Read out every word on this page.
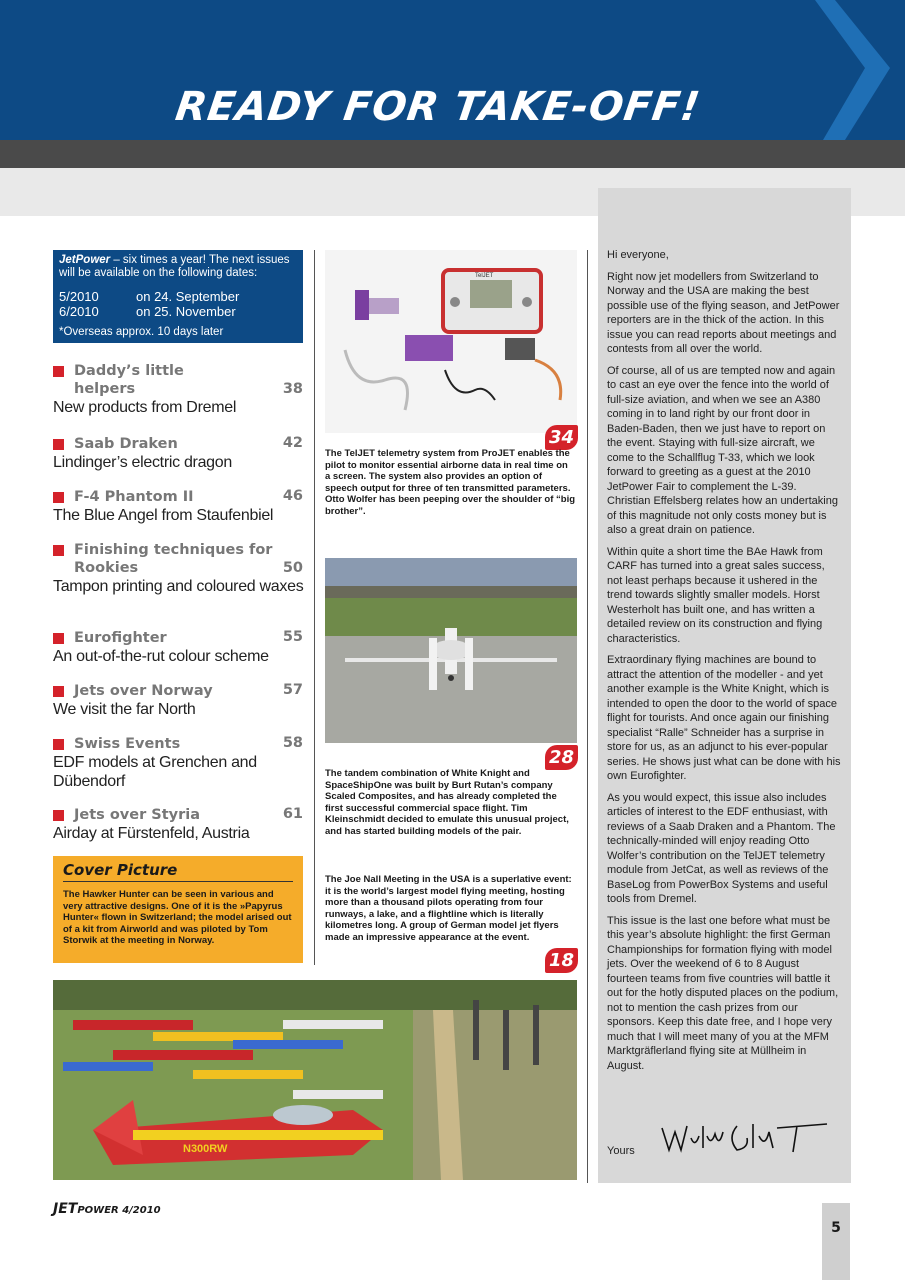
READY FOR TAKE-OFF!
JetPower – six times a year! The next issues will be available on the following dates:
5/2010	on 24. September
6/2010	on 25. November
*Overseas approx. 10 days later
Daddy’s little helpers	38
New products from Dremel
Saab Draken	42
Lindinger’s electric dragon
F-4 Phantom II	46
The Blue Angel from Staufenbiel
Finishing techniques for Rookies	50
Tampon printing and coloured waxes
Eurofighter	55
An out-of-the-rut colour scheme
Jets over Norway	57
We visit the far North
Swiss Events	58
EDF models at Grenchen and Dübendorf
Jets over Styria	61
Airday at Fürstenfeld, Austria
Cover Picture
The Hawker Hunter can be seen in various and very attractive designs. One of it is the »Papyrus Hunter« flown in Switzerland; the model arised out of a kit from Airworld and was piloted by Tom Storwik at the meeting in Norway.
TelJET
34
The TelJET telemetry system from ProJET enables the pilot to monitor essential airborne data in real time on a screen. The system also provides an option of speech output for three of ten transmitted parameters. Otto Wolfer has been peeping over the shoulder of “big brother”.
28
The tandem combination of White Knight and SpaceShipOne was built by Burt Rutan’s company Scaled Composites, and has already completed the first successful commercial space flight. Tim Kleinschmidt decided to emulate this unusual project, and has started building models of the pair.
The Joe Nall Meeting in the USA is a superlative event: it is the world’s largest model flying meeting, hosting more than a thousand pilots operating from four runways, a lake, and a flightline which is literally kilometres long. A group of German model jet flyers made an impressive appearance at the event.
N300RW
18

Hi everyone,

Right now jet modellers from Switzerland to Norway and the USA are making the best possible use of the flying season, and JetPower reporters are in the thick of the action. In this issue you can read reports about meetings and contests from all over the world.

Of course, all of us are tempted now and again to cast an eye over the fence into the world of full-size aviation, and when we see an A380 coming in to land right by our front door in Baden-Baden, then we just have to report on the event. Staying with full-size aircraft, we come to the Schallflug T-33, which we look forward to greeting as a guest at the 2010 JetPower Fair to complement the L-39. Christian Effelsberg relates how an undertaking of this magnitude not only costs money but is also a great drain on patience.

Within quite a short time the BAe Hawk from CARF has turned into a great sales success, not least perhaps because it ushered in the trend towards slightly smaller models. Horst Westerholt has built one, and has written a detailed review on its construction and flying characteristics.

Extraordinary flying machines are bound to attract the attention of the modeller - and yet another example is the White Knight, which is intended to open the door to the world of space flight for tourists. And once again our finishing specialist “Ralle” Schneider has a surprise in store for us, as an adjunct to his ever-popular series. He shows just what can be done with his own Eurofighter.

As you would expect, this issue also includes articles of interest to the EDF enthusiast, with reviews of a Saab Draken and a Phantom. The technically-minded will enjoy reading Otto Wolfer’s contribution on the TelJET telemetry module from JetCat, as well as reviews of the BaseLog from PowerBox Systems and useful tools from Dremel.

This issue is the last one before what must be this year’s absolute highlight: the first German Championships for formation flying with model jets. Over the weekend of 6 to 8 August fourteen teams from five countries will battle it out for the hotly disputed places on the podium, not to mention the cash prizes from our sponsors. Keep this date free, and I hope very much that I will meet many of you at the MFM Marktgräflerland flying site at Müllheim in August.

Yours
JETPOWER 4/2010
5
